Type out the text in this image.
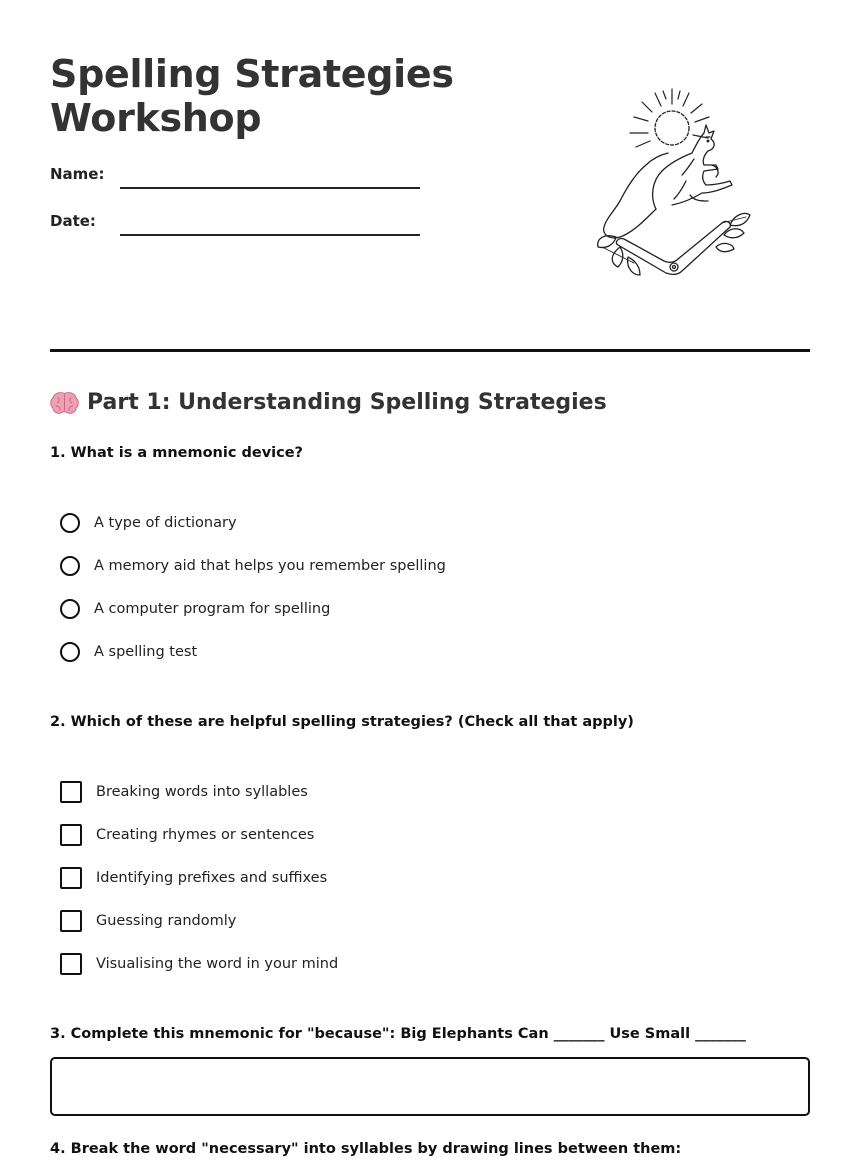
Spelling Strategies
Workshop
Name:
Date:
Part 1: Understanding Spelling Strategies
1. What is a mnemonic device?
A type of dictionary
A memory aid that helps you remember spelling
A computer program for spelling
A spelling test
2. Which of these are helpful spelling strategies? (Check all that apply)
Breaking words into syllables
Creating rhymes or sentences
Identifying prefixes and suffixes
Guessing randomly
Visualising the word in your mind
3. Complete this mnemonic for "because": Big Elephants Can _______ Use Small _______
4. Break the word "necessary" into syllables by drawing lines between them:
